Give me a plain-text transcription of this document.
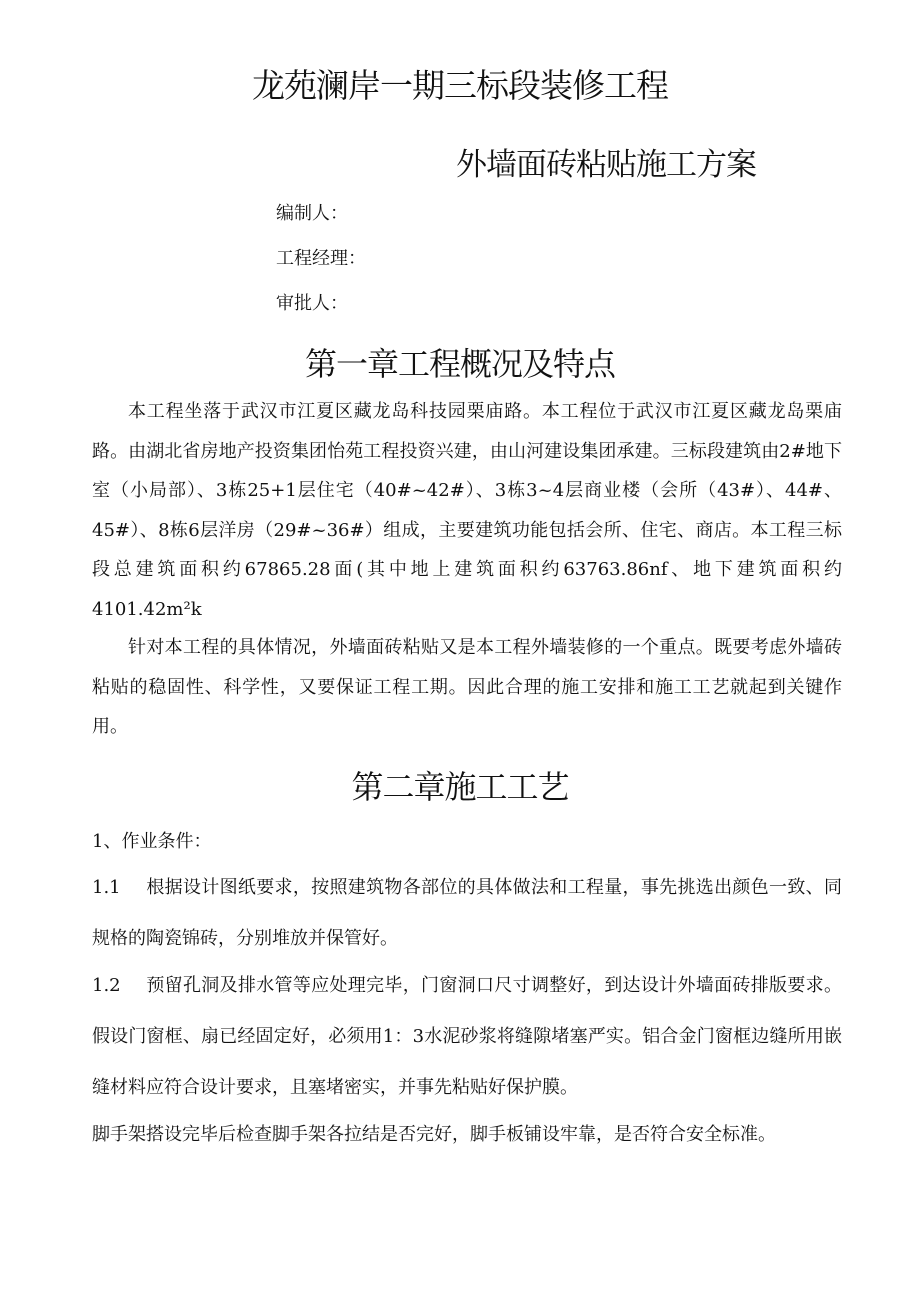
龙苑澜岸一期三标段装修工程
外墙面砖粘贴施工方案
编制人：
工程经理：
审批人：
第一章工程概况及特点
本工程坐落于武汉市江夏区藏龙岛科技园栗庙路。本工程位于武汉市江夏区藏龙岛栗庙路。由湖北省房地产投资集团怡苑工程投资兴建，由山河建设集团承建。三标段建筑由2#地下室（小局部）、3栋25+1层住宅（40#~42#）、3栋3~4层商业楼（会所（43#）、44#、45#）、8栋6层洋房（29#~36#）组成，主要建筑功能包括会所、住宅、商店。本工程三标段总建筑面积约67865.28面(其中地上建筑面积约63763.86nf、地下建筑面积约4101.42m²k
针对本工程的具体情况，外墙面砖粘贴又是本工程外墙装修的一个重点。既要考虑外墙砖粘贴的稳固性、科学性，又要保证工程工期。因此合理的施工安排和施工工艺就起到关键作用。
第二章施工工艺
1、作业条件：
1.1 根据设计图纸要求，按照建筑物各部位的具体做法和工程量，事先挑选出颜色一致、同规格的陶瓷锦砖，分别堆放并保管好。
1.2 预留孔洞及排水管等应处理完毕，门窗洞口尺寸调整好，到达设计外墙面砖排版要求。假设门窗框、扇已经固定好，必须用1：3水泥砂浆将缝隙堵塞严实。铝合金门窗框边缝所用嵌缝材料应符合设计要求，且塞堵密实，并事先粘贴好保护膜。
脚手架搭设完毕后检查脚手架各拉结是否完好，脚手板铺设牢靠，是否符合安全标准。
